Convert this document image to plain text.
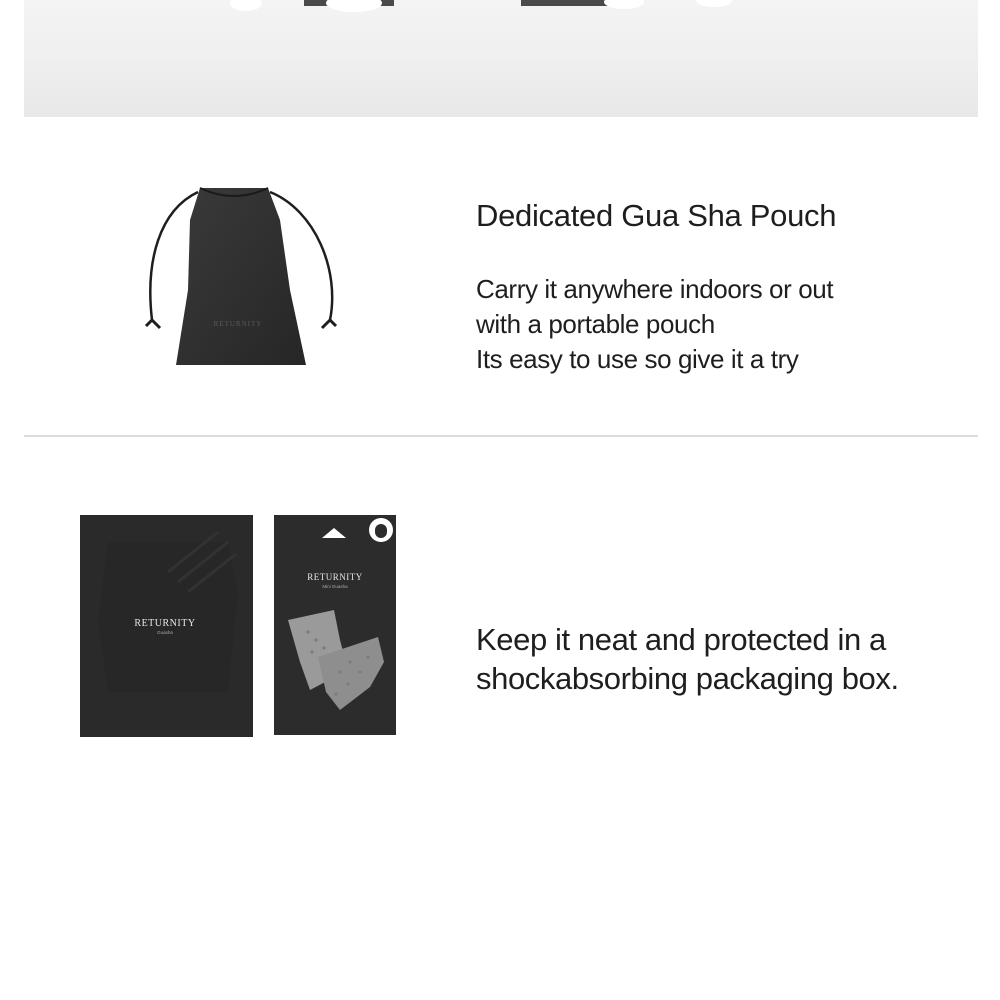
RETURNITY
Dedicated Gua Sha Pouch
Carry it anywhere indoors or out
with a portable pouch
Its easy to use so give it a try
RETURNITY
Guasha
RETURNITY
Mini Guasha
Keep it neat and protected in a
shockabsorbing packaging box.
